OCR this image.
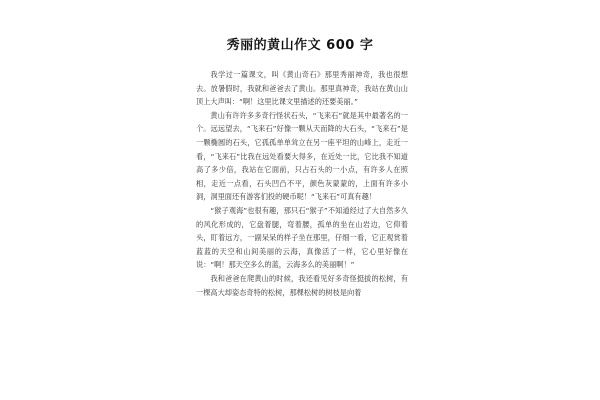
秀丽的黄山作文 600 字

我学过一篇课文，叫《黄山奇石》那里秀丽神奇，我也很想去。放暑假时，我就和爸爸去了黄山。那里真神奇，我站在黄山山顶上大声叫：“啊！这里比课文里描述的还要美丽。”

黄山有许许多多奇行怪状石头，“飞来石”就是其中最著名的一个。远远望去，“飞来石”好像一颗从天而降的大石头，“飞来石”是一颗椭圆的石头，它孤孤单单耸立在另一座平坦的山峰上，走近一看，“飞来石”比我在远处看要大得多，在近处一比，它比我不知道高了多少倍，我站在它面前，只占石头的一小点，有许多人在照相，走近一点看，石头凹凸不平，颜色灰蒙蒙的，上面有许多小洞，洞里面还有游客们投的硬币呢！“飞来石”可真有趣！

“猴子观海”也很有趣，那只石“猴子”不知道经过了大自然多久的风化形成的，它盘着腿，弯着腰，孤单的坐在山岩边，它仰着头，盯着远方，一副呆呆的样子坐在那里，仔细一看，它正观赏着蓝蓝的天空和山间美丽的云海，真像活了一样，它心里好像在说：“啊！那天空多么的蓝，云海多么的美丽啊！”

我和爸爸在爬黄山的时候，我还看见好多奇怪挺拔的松树，有一棵高大却姿态奇特的松树，那棵松树的树枝是向着
